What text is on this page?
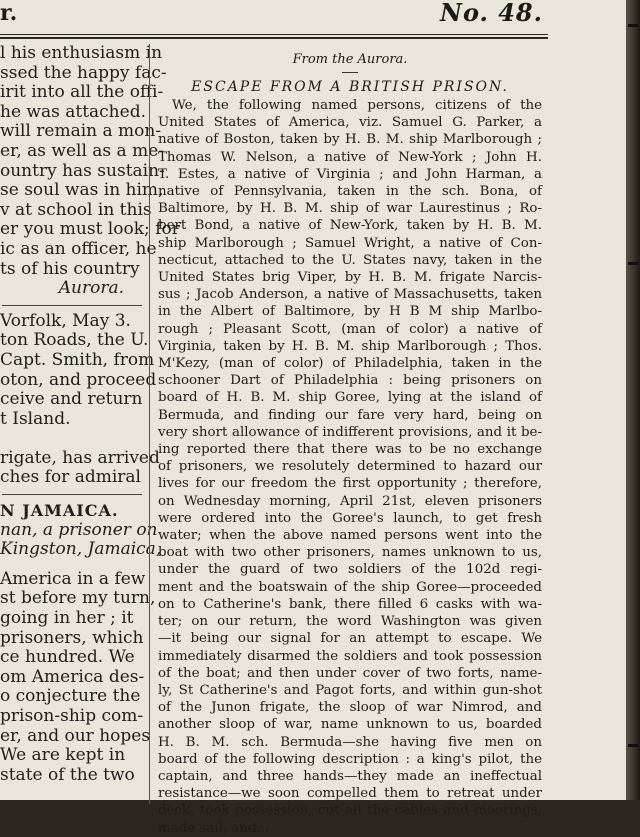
r.	No. 48.
l his enthusiasm in
ssed the happy fac-
irit into all the offi-
he was attached.
will remain a mon-
er, as well as a me-
ountry has sustain-
se soul was in him,
v at school in this
er you must look; for
ic as an officer, he
ts of his country
Aurora.
Vorfolk, May 3.
ton Roads, the U.
Capt. Smith, from
oton, and proceed
ceive and return
t Island.
rigate, has arrived
ches for admiral
N JAMAICA.
nan, a prisoner on
Kingston, Jamaica,
America in a few
st before my turn,
going in her ; it
prisoners, which
ce hundred. We
om America des-
o conjecture the
prison-ship com-
er, and our hopes
We are kept in
state of the two
From the Aurora.
ESCAPE FROM A BRITISH PRISON.
We, the following named persons, citizens of the
United States of America, viz. Samuel G. Parker, a
native of Boston, taken by H. B. M. ship Marlborough ;
Thomas W. Nelson, a native of New-York ; John H.
T. Estes, a native of Virginia ; and John Harman, a
native of Pennsylvania, taken in the sch. Bona, of
Baltimore, by H. B. M. ship of war Laurestinus ; Ro-
bert Bond, a native of New-York, taken by H. B. M.
ship Marlborough ; Samuel Wright, a native of Con-
necticut, attached to the U. States navy, taken in the
United States brig Viper, by H. B. M. frigate Narcis-
sus ; Jacob Anderson, a native of Massachusetts, taken
in the Albert of Baltimore, by H B M ship Marlbo-
rough ; Pleasant Scott, (man of color) a native of
Virginia, taken by H. B. M. ship Marlborough ; Thos.
M'Kezy, (man of color) of Philadelphia, taken in the
schooner Dart of Philadelphia : being prisoners on
board of H. B. M. ship Goree, lying at the island of
Bermuda, and finding our fare very hard, being on
very short allowance of indifferent provisions, and it be-
ing reported there that there was to be no exchange
of prisoners, we resolutely determined to hazard our
lives for our freedom the first opportunity ; therefore,
on Wednesday morning, April 21st, eleven prisoners
were ordered into the Goree's launch, to get fresh
water; when the above named persons went into the
boat with two other prisoners, names unknown to us,
under the guard of two soldiers of the 102d regi-
ment and the boatswain of the ship Goree—proceeded
on to Catherine's bank, there filled 6 casks with wa-
ter; on our return, the word Washington was given
—it being our signal for an attempt to escape. We
immediately disarmed the soldiers and took possession
of the boat; and then under cover of two forts, name-
ly, St Catherine's and Pagot forts, and within gun-shot
of the Junon frigate, the sloop of war Nimrod, and
another sloop of war, name unknown to us, boarded
H. B. M. sch. Bermuda—she having five men on
board of the following description : a king's pilot, the
captain, and three hands—they made an ineffectual
resistance—we soon compelled them to retreat under
deck, took possession, cut all the cables and moorings,
made sail, and...
